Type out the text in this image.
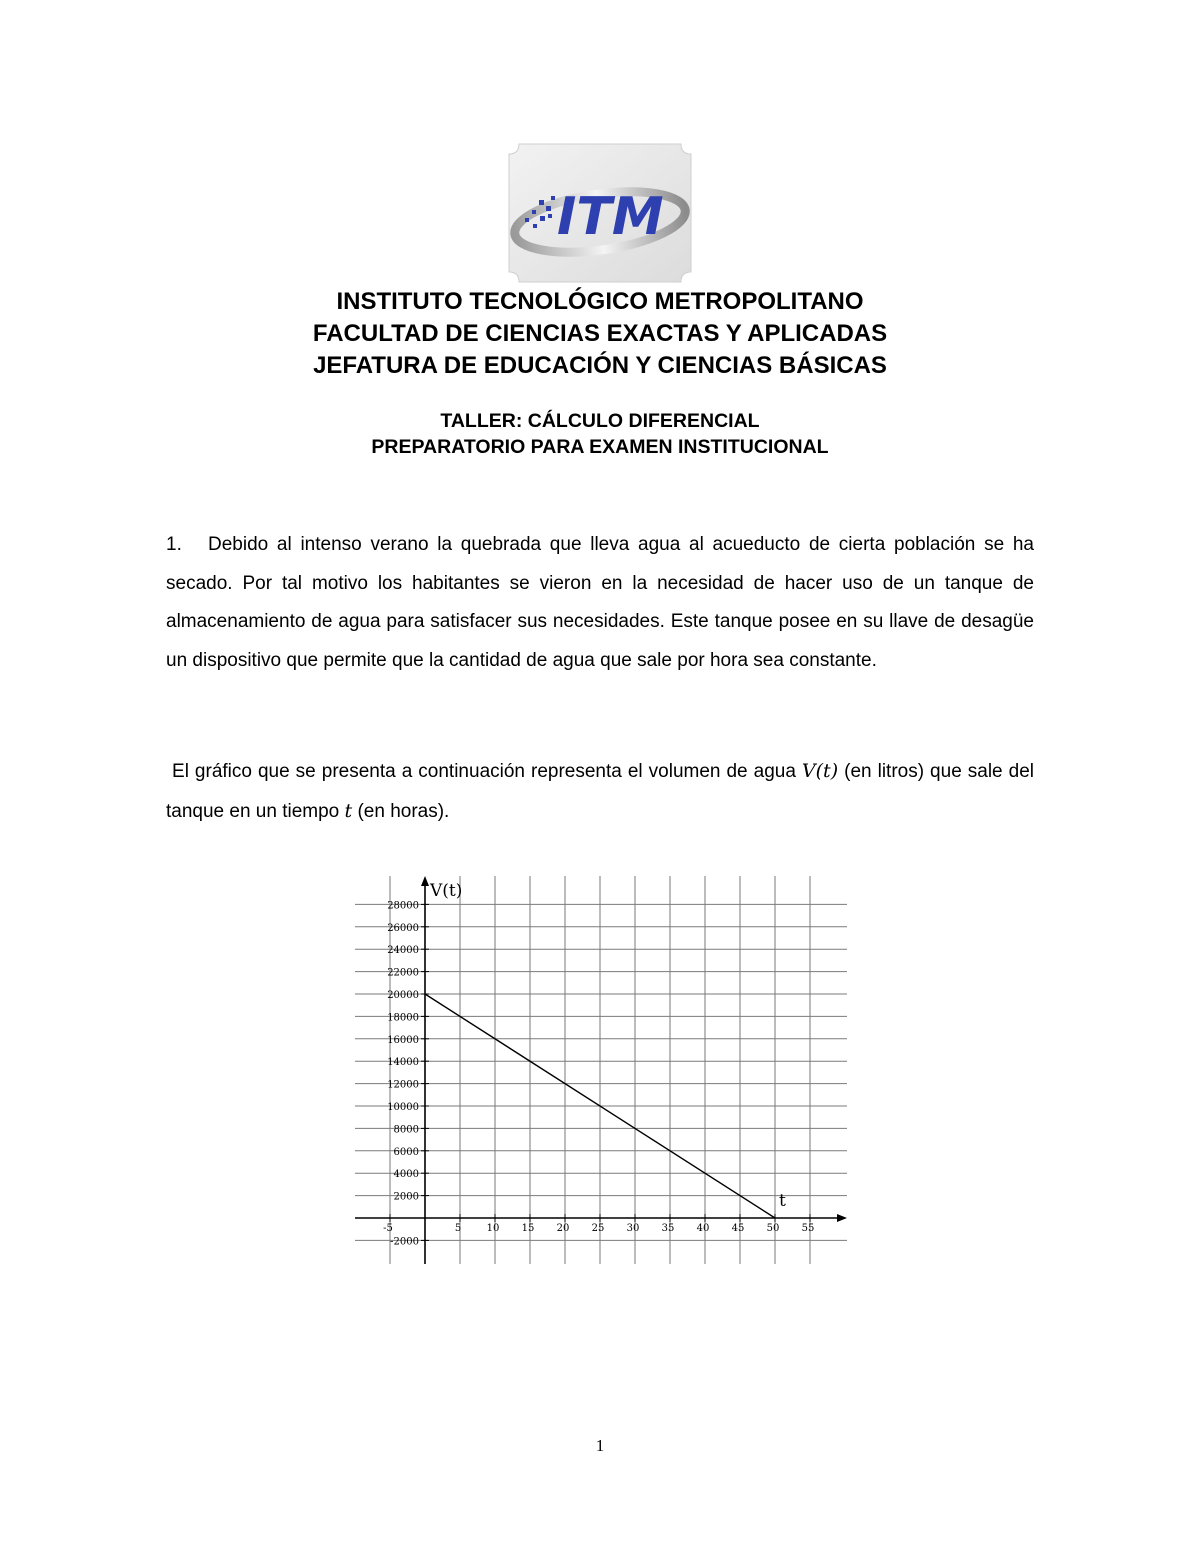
ITM
INSTITUTO TECNOLÓGICO METROPOLITANO
FACULTAD DE CIENCIAS EXACTAS Y APLICADAS
JEFATURA DE EDUCACIÓN Y CIENCIAS BÁSICAS
TALLER: CÁLCULO DIFERENCIAL
PREPARATORIO PARA EXAMEN INSTITUCIONAL

1. Debido al intenso verano la quebrada que lleva agua al acueducto de cierta población se ha secado. Por tal motivo los habitantes se vieron en la necesidad de hacer uso de un tanque de almacenamiento de agua para satisfacer sus necesidades. Este tanque posee en su llave de desagüe un dispositivo que permite que la cantidad de agua que sale por hora sea constante.

El gráfico que se presenta a continuación representa el volumen de agua V(t) (en litros) que sale del tanque en un tiempo t (en horas).

-5	5	10 15 20 25 30 35 40 45 50 55
-2000
2000
4000
6000
8000
10000
12000
14000
16000
18000
20000
22000
24000
26000
28000
V(t)
t
1
